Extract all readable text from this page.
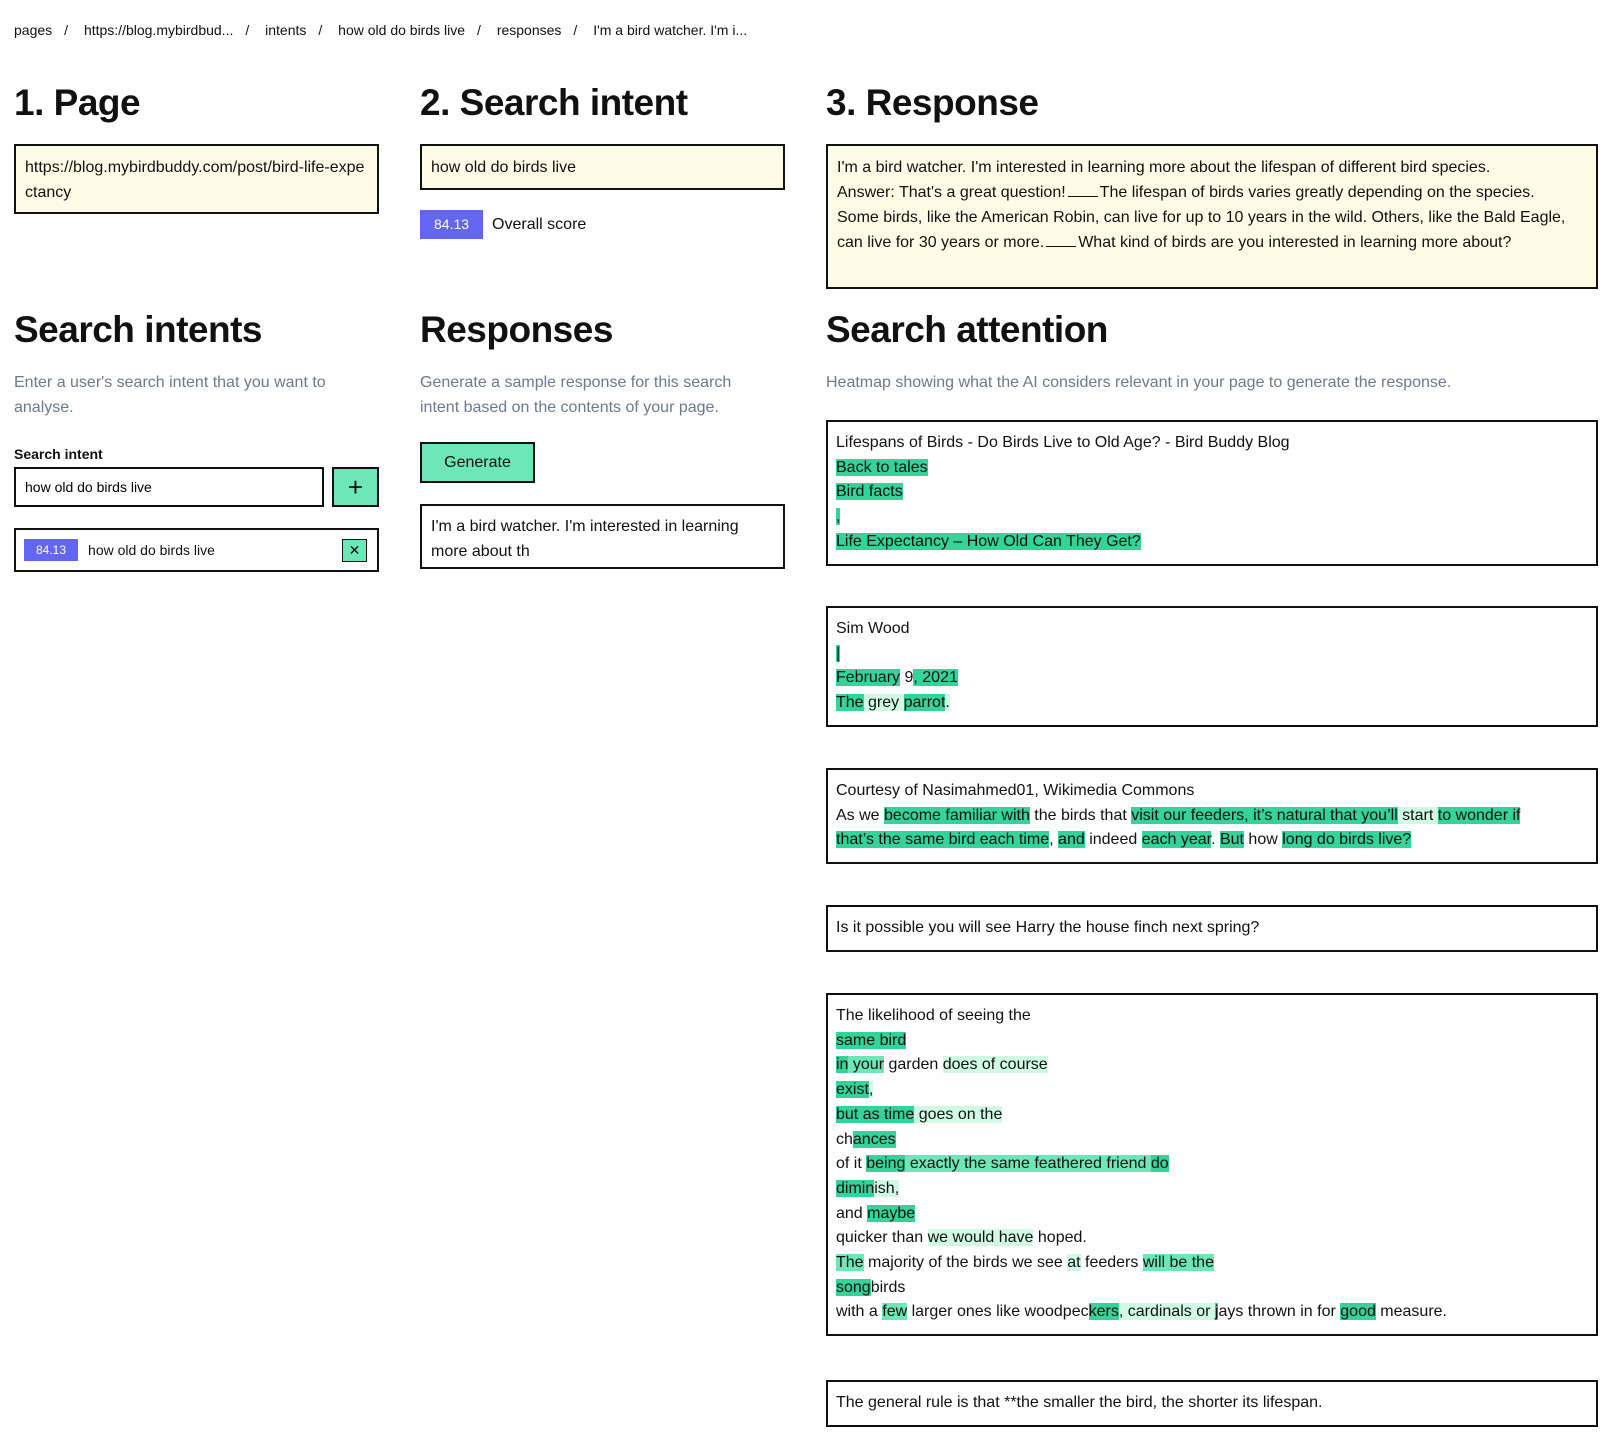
pages / https://blog.mybirdbud... / intents / how old do birds live / responses / I'm a bird watcher. I'm i...
1. Page
https://blog.mybirdbuddy.com/post/bird-life-expectancy
Search intents

Enter a user's search intent that you want to analyse.

Search intent
how old do birds live
+
84.13	how old do birds live	✕
2. Search intent
how old do birds live
84.13	Overall score
Responses

Generate a sample response for this search intent based on the contents of your page.

Generate
I'm a bird watcher. I'm interested in learning more about th
3. Response
I'm a bird watcher. I'm interested in learning more about the lifespan of different bird species.
Answer: That's a great question! The lifespan of birds varies greatly depending on the species.
Some birds, like the American Robin, can live for up to 10 years in the wild. Others, like the Bald Eagle,
can live for 30 years or more. What kind of birds are you interested in learning more about?
Search attention

Heatmap showing what the AI considers relevant in your page to generate the response.

Lifespans of Birds - Do Birds Live to Old Age? - Bird Buddy Blog
Back to tales
Bird facts
,
Life Expectancy – How Old Can They Get?
Sim Wood
|
February 9, 2021
The grey parrot.
Courtesy of Nasimahmed01, Wikimedia Commons
As we become familiar with the birds that visit our feeders, it’s natural that you’ll start to wonder if
that’s the same bird each time, and indeed each year. But how long do birds live?
Is it possible you will see Harry the house finch next spring?
The likelihood of seeing the
same bird
in your garden does of course
exist,
but as time goes on the
chances
of it being exactly the same feathered friend do
diminish,
and maybe
quicker than we would have hoped.
The majority of the birds we see at feeders will be the
songbirds
with a few larger ones like woodpeckers, cardinals or jays thrown in for good measure.
The general rule is that **the smaller the bird, the shorter its lifespan.
